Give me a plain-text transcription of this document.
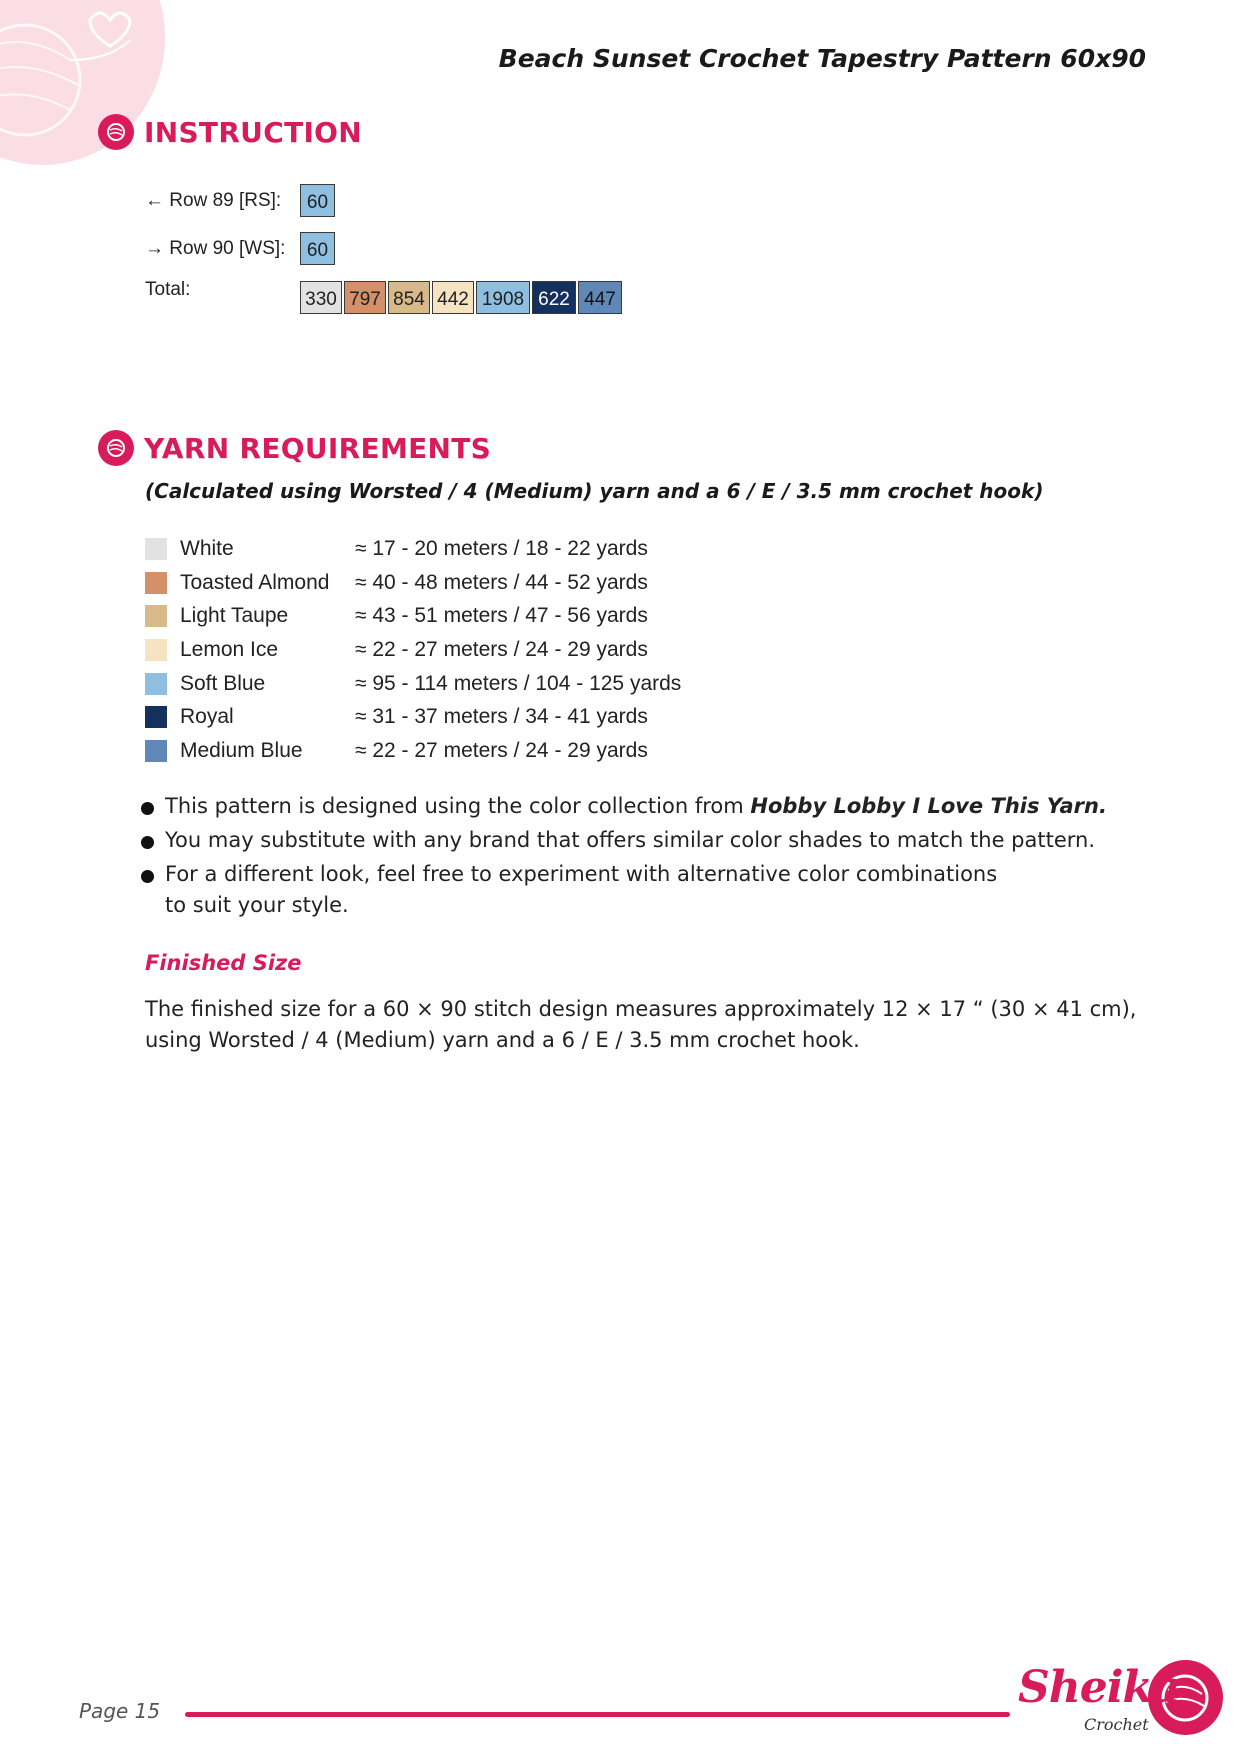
Beach Sunset Crochet Tapestry Pattern 60x90
INSTRUCTION
← Row 89 [RS]:	60
→ Row 90 [WS]:	60
Total:	330 797 854 442 1908 622 447
YARN REQUIREMENTS
(Calculated using Worsted / 4 (Medium) yarn and a 6 / E / 3.5 mm crochet hook)
White	≈ 17 - 20 meters / 18 - 22 yards
Toasted Almond	≈ 40 - 48 meters / 44 - 52 yards
Light Taupe	≈ 43 - 51 meters / 47 - 56 yards
Lemon Ice	≈ 22 - 27 meters / 24 - 29 yards
Soft Blue	≈ 95 - 114 meters / 104 - 125 yards
Royal	≈ 31 - 37 meters / 34 - 41 yards
Medium Blue	≈ 22 - 27 meters / 24 - 29 yards
This pattern is designed using the color collection from Hobby Lobby I Love This Yarn.
You may substitute with any brand that offers similar color shades to match the pattern.
For a different look, feel free to experiment with alternative color combinations
to suit your style.
Finished Size
The finished size for a 60 × 90 stitch design measures approximately 12 × 17 “ (30 × 41 cm),
using Worsted / 4 (Medium) yarn and a 6 / E / 3.5 mm crochet hook.
Page 15	Sheika
Crochet
